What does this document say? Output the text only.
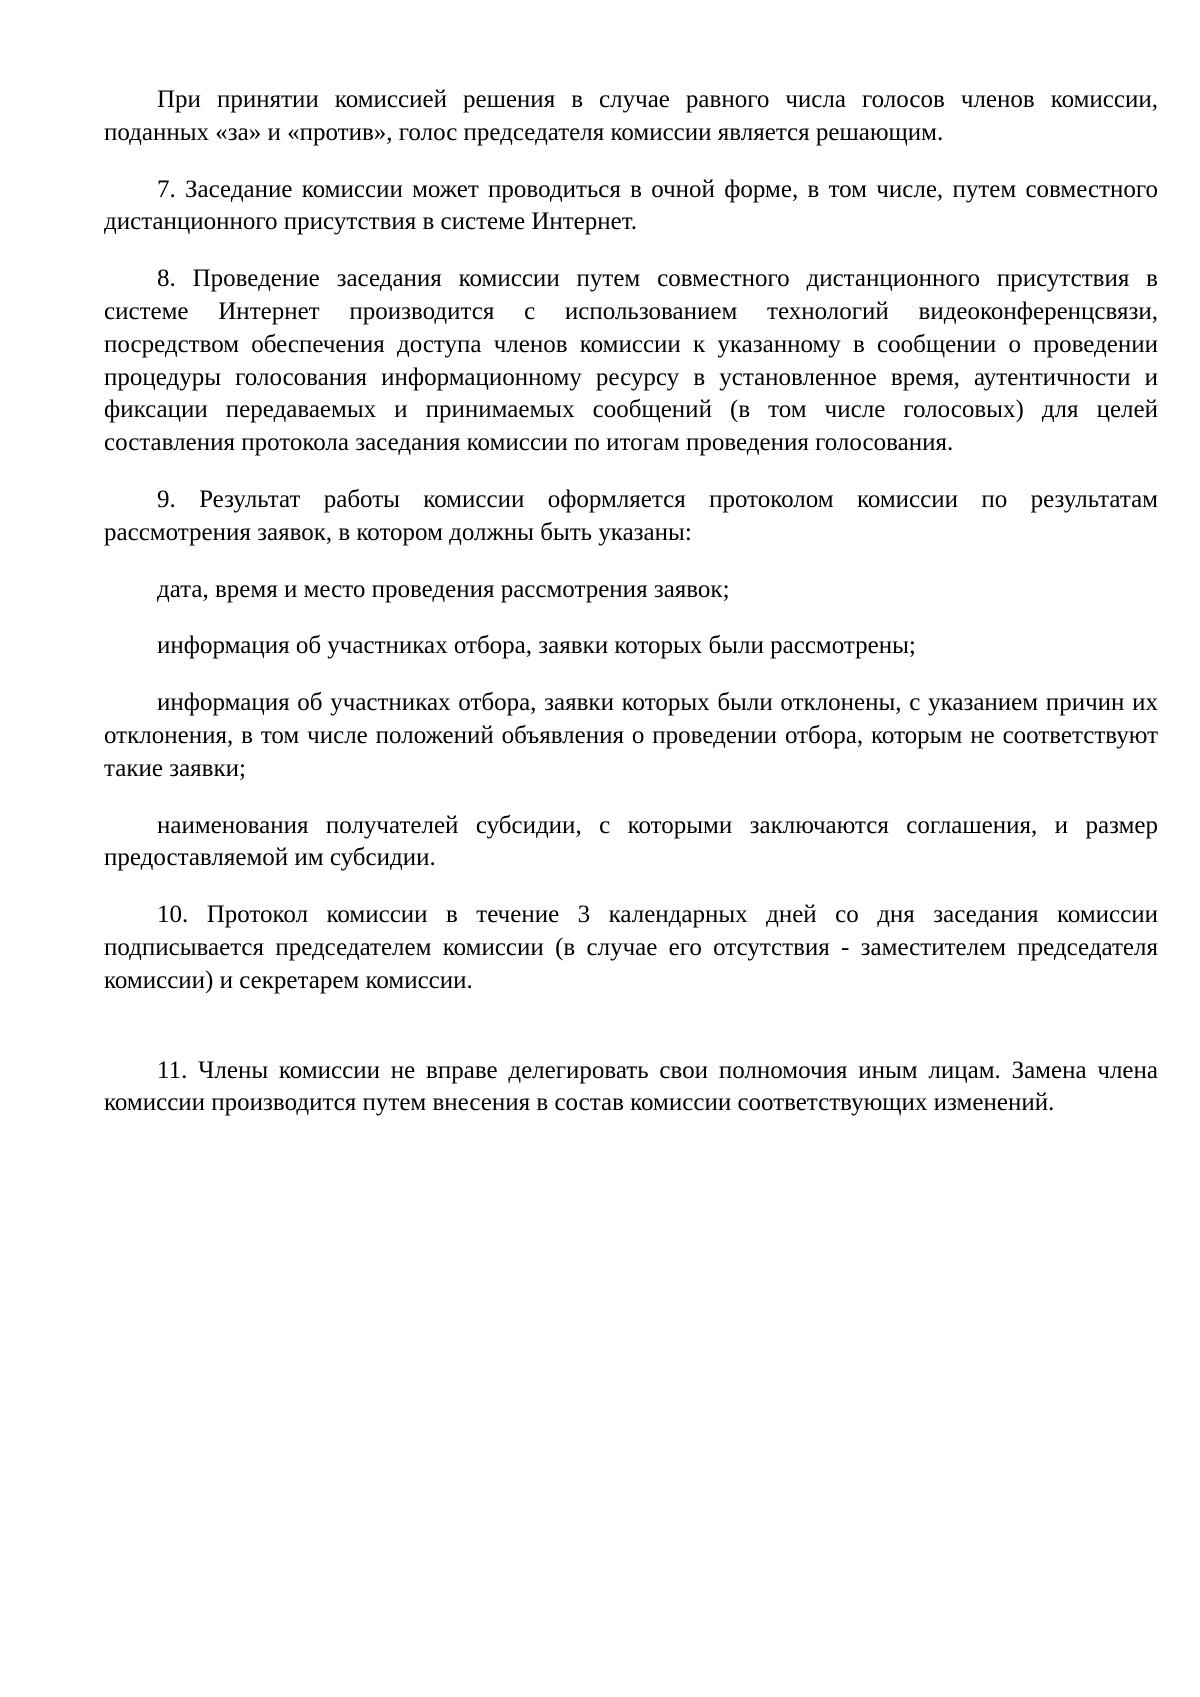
При принятии комиссией решения в случае равного числа голосов членов комиссии, поданных «за» и «против», голос председателя комиссии является решающим.

7. Заседание комиссии может проводиться в очной форме, в том числе, путем совместного дистанционного присутствия в системе Интернет.

8. Проведение заседания комиссии путем совместного дистанционного присутствия в системе Интернет производится с использованием технологий видеоконференцсвязи, посредством обеспечения доступа членов комиссии к указанному в сообщении о проведении процедуры голосования информационному ресурсу в установленное время, аутентичности и фиксации передаваемых и принимаемых сообщений (в том числе голосовых) для целей составления протокола заседания комиссии по итогам проведения голосования.

9. Результат работы комиссии оформляется протоколом комиссии по результатам рассмотрения заявок, в котором должны быть указаны:

дата, время и место проведения рассмотрения заявок;

информация об участниках отбора, заявки которых были рассмотрены;

информация об участниках отбора, заявки которых были отклонены, с указанием причин их отклонения, в том числе положений объявления о проведении отбора, которым не соответствуют такие заявки;

наименования получателей субсидии, с которыми заключаются соглашения, и размер предоставляемой им субсидии.

10. Протокол комиссии в течение 3 календарных дней со дня заседания комиссии подписывается председателем комиссии (в случае его отсутствия - заместителем председателя комиссии) и секретарем комиссии.

11. Члены комиссии не вправе делегировать свои полномочия иным лицам. Замена члена комиссии производится путем внесения в состав комиссии соответствующих изменений.
